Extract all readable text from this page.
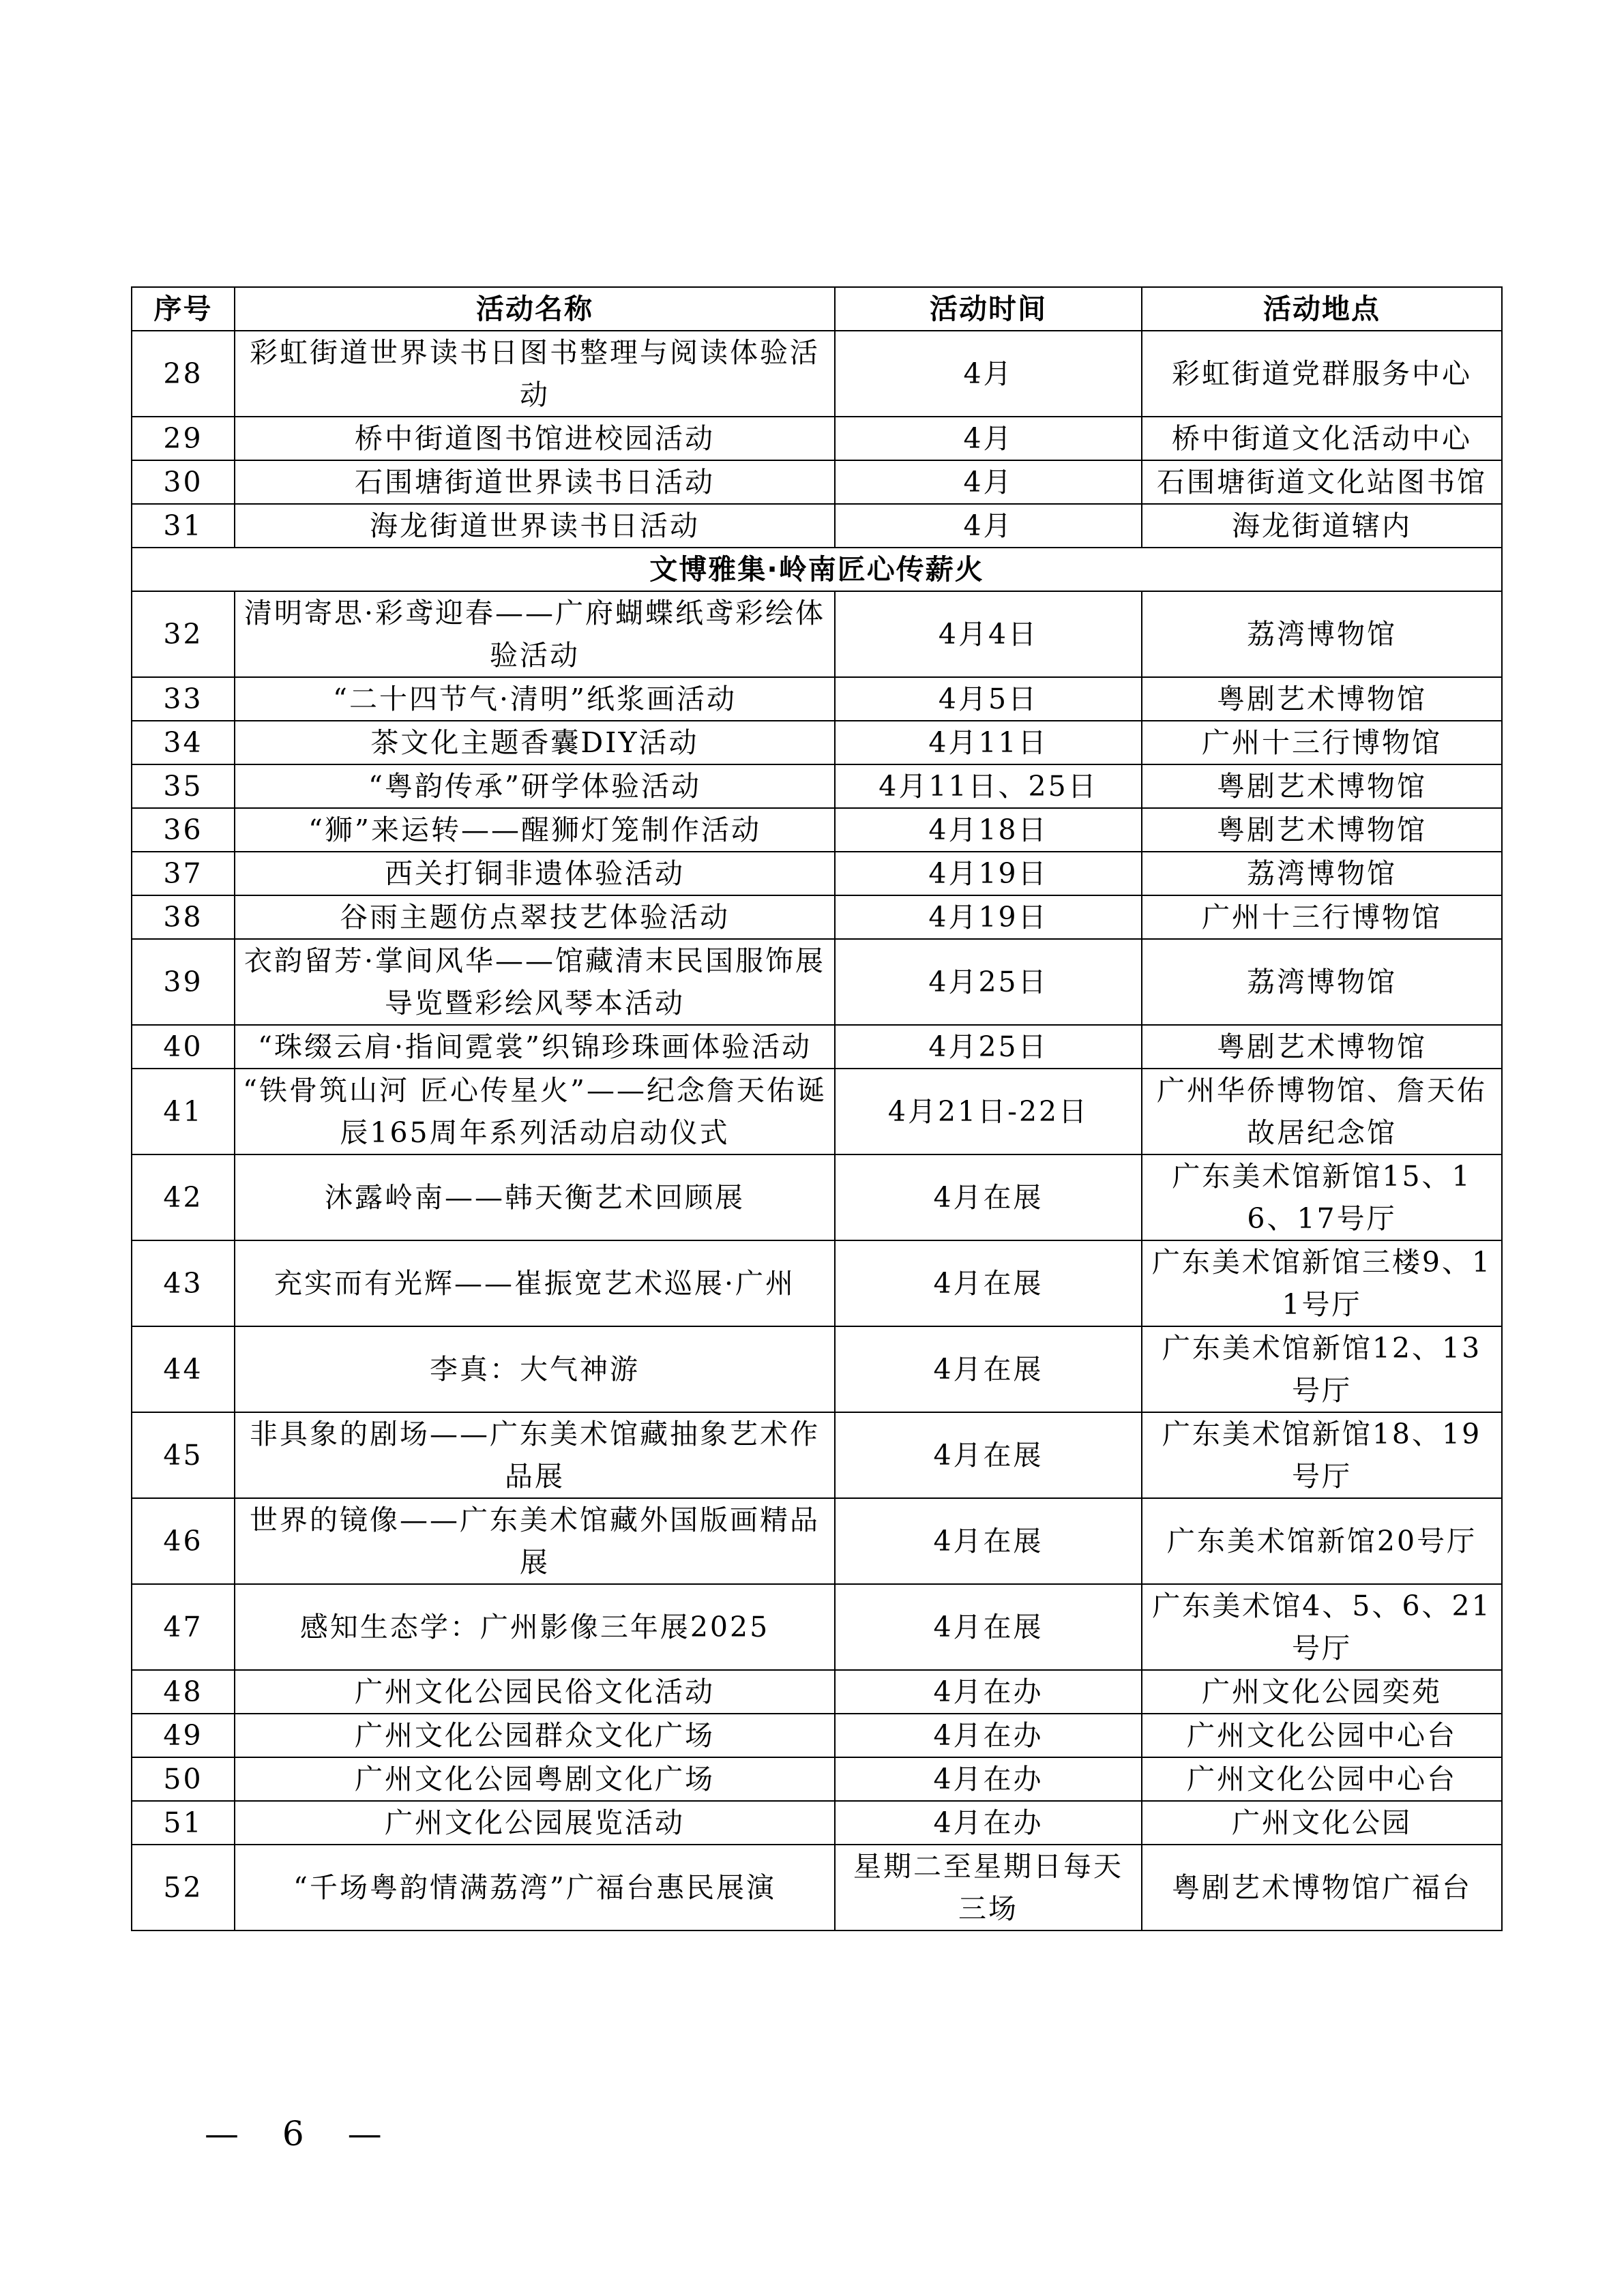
序号	活动名称	活动时间	活动地点
28	彩虹街道世界读书日图书整理与阅读体验活动	4月	彩虹街道党群服务中心
29	桥中街道图书馆进校园活动	4月	桥中街道文化活动中心
30	石围塘街道世界读书日活动	4月	石围塘街道文化站图书馆
31	海龙街道世界读书日活动	4月	海龙街道辖内
文博雅集·岭南匠心传薪火			
32	清明寄思·彩鸢迎春——广府蝴蝶纸鸢彩绘体验活动	4月4日	荔湾博物馆
33	“二十四节气·清明”纸浆画活动	4月5日	粤剧艺术博物馆
34	茶文化主题香囊DIY活动	4月11日	广州十三行博物馆
35	“粤韵传承”研学体验活动	4月11日、25日	粤剧艺术博物馆
36	“狮”来运转——醒狮灯笼制作活动	4月18日	粤剧艺术博物馆
37	西关打铜非遗体验活动	4月19日	荔湾博物馆
38	谷雨主题仿点翠技艺体验活动	4月19日	广州十三行博物馆
39	衣韵留芳·掌间风华——馆藏清末民国服饰展导览暨彩绘风琴本活动	4月25日	荔湾博物馆
40	“珠缀云肩·指间霓裳”织锦珍珠画体验活动	4月25日	粤剧艺术博物馆
41	“铁骨筑山河 匠心传星火”——纪念詹天佑诞辰165周年系列活动启动仪式	4月21日-22日	广州华侨博物馆、詹天佑故居纪念馆
42	沐露岭南——韩天衡艺术回顾展	4月在展	广东美术馆新馆15、16、17号厅
43	充实而有光辉——崔振宽艺术巡展·广州	4月在展	广东美术馆新馆三楼9、11号厅
44	李真：大气神游	4月在展	广东美术馆新馆12、13号厅
45	非具象的剧场——广东美术馆藏抽象艺术作品展	4月在展	广东美术馆新馆18、19号厅
46	世界的镜像——广东美术馆藏外国版画精品展	4月在展	广东美术馆新馆20号厅
47	感知生态学：广州影像三年展2025	4月在展	广东美术馆4、5、6、21号厅
48	广州文化公园民俗文化活动	4月在办	广州文化公园奕苑
49	广州文化公园群众文化广场	4月在办	广州文化公园中心台
50	广州文化公园粤剧文化广场	4月在办	广州文化公园中心台
51	广州文化公园展览活动	4月在办	广州文化公园
52	“千场粤韵情满荔湾”广福台惠民展演	星期二至星期日每天三场	粤剧艺术博物馆广福台
— 6 —
